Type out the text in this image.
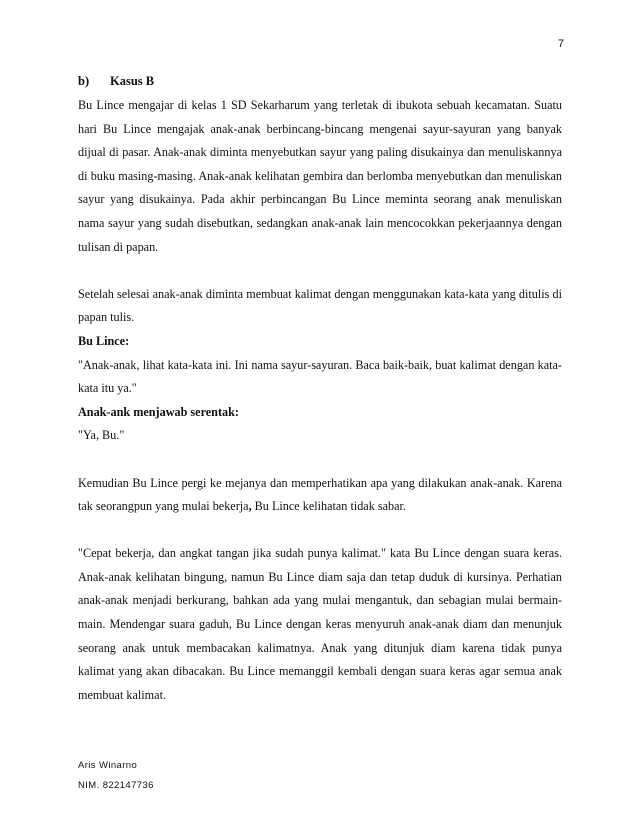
7
b) Kasus B

Bu Lince mengajar di kelas 1 SD Sekarharum yang terletak di ibukota sebuah kecamatan. Suatu hari Bu Lince mengajak anak-anak berbincang-bincang mengenai sayur-sayuran yang banyak dijual di pasar. Anak-anak diminta menyebutkan sayur yang paling disukainya dan menuliskannya di buku masing-masing. Anak-anak kelihatan gembira dan berlomba menyebutkan dan menuliskan sayur yang disukainya. Pada akhir perbincangan Bu Lince meminta seorang anak menuliskan nama sayur yang sudah disebutkan, sedangkan anak-anak lain mencocokkan pekerjaannya dengan tulisan di papan.

Setelah selesai anak-anak diminta membuat kalimat dengan menggunakan kata-kata yang ditulis di papan tulis.

Bu Lince:

"Anak-anak, lihat kata-kata ini. Ini nama sayur-sayuran. Baca baik-baik, buat kalimat dengan kata-kata itu ya."

Anak-ank menjawab serentak:

"Ya, Bu."

Kemudian Bu Lince pergi ke mejanya dan memperhatikan apa yang dilakukan anak-anak. Karena tak seorangpun yang mulai bekerja, Bu Lince kelihatan tidak sabar.

"Cepat bekerja, dan angkat tangan jika sudah punya kalimat." kata Bu Lince dengan suara keras. Anak-anak kelihatan bingung, namun Bu Lince diam saja dan tetap duduk di kursinya. Perhatian anak-anak menjadi berkurang, bahkan ada yang mulai mengantuk, dan sebagian mulai bermain-main. Mendengar suara gaduh, Bu Lince dengan keras menyuruh anak-anak diam dan menunjuk seorang anak untuk membacakan kalimatnya. Anak yang ditunjuk diam karena tidak punya kalimat yang akan dibacakan. Bu Lince memanggil kembali dengan suara keras agar semua anak membuat kalimat.

Aris Winarno
NIM. 822147736
